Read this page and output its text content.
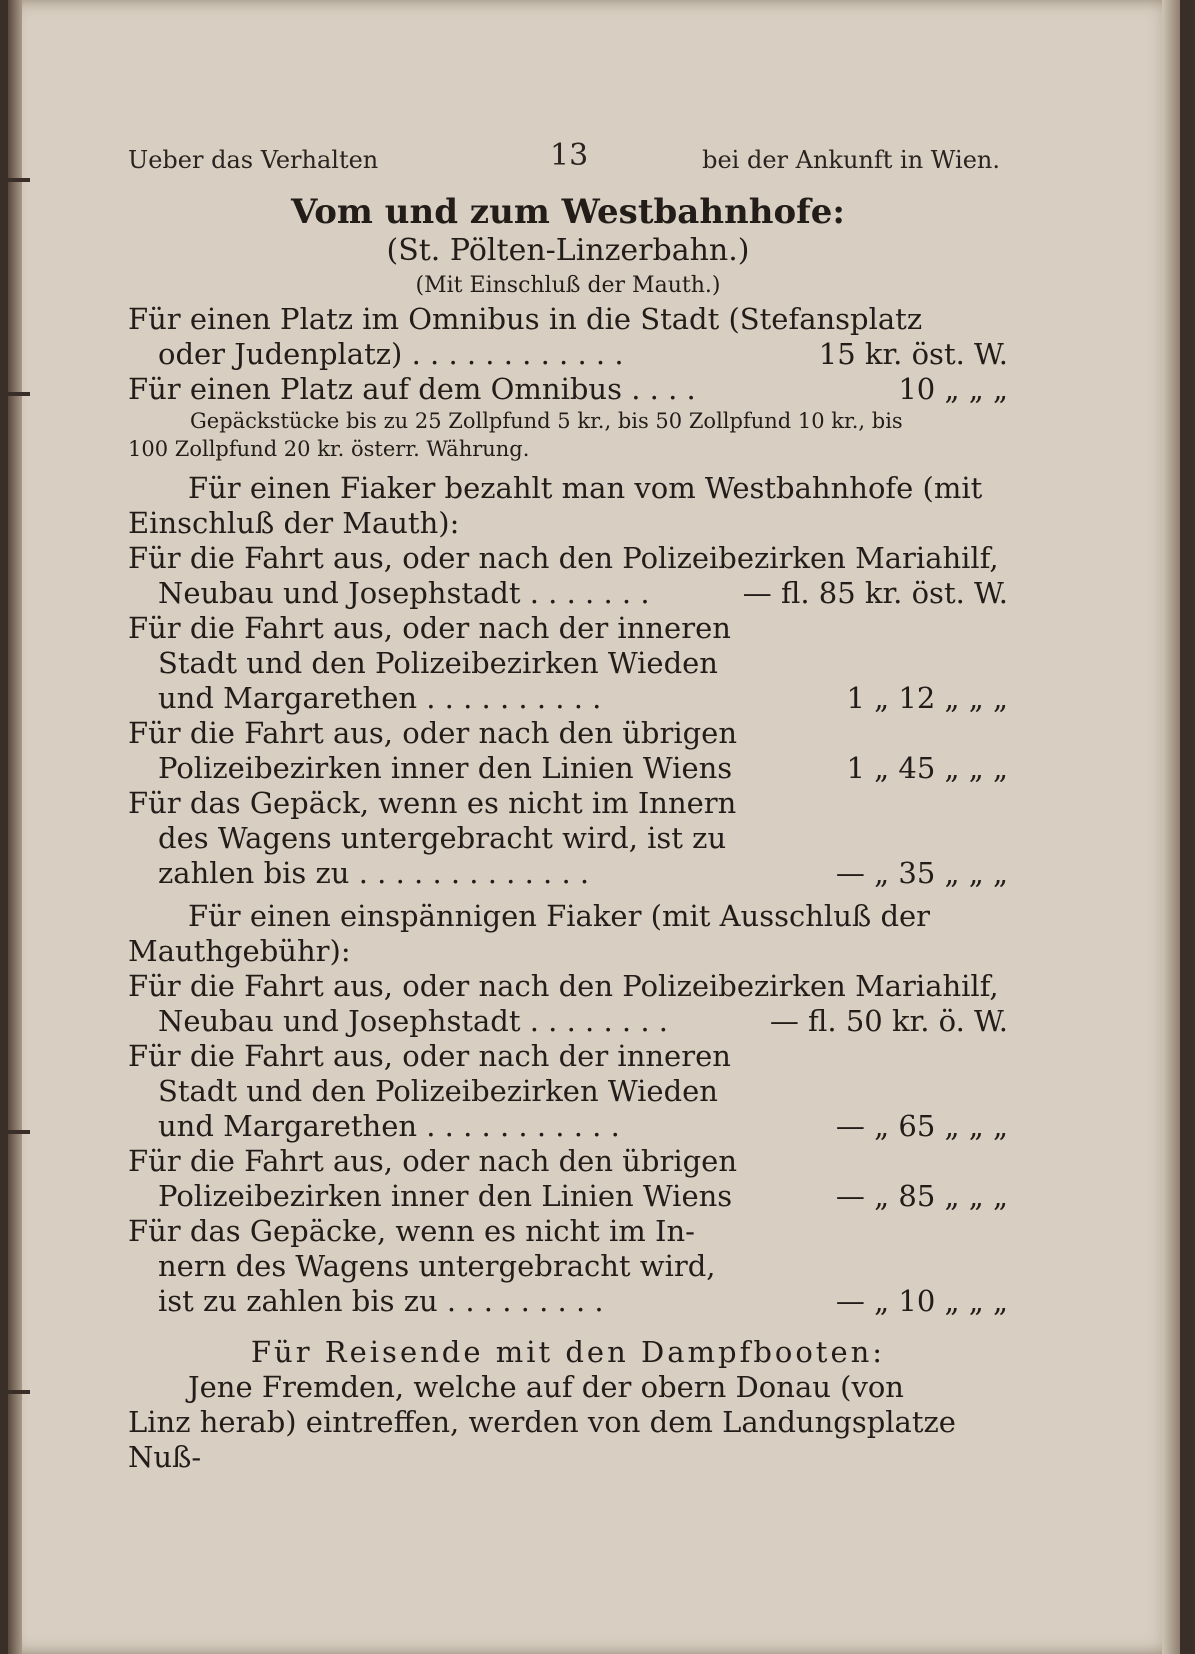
Ueber das Verhalten	13	bei der Ankunft in Wien.
Vom und zum Westbahnhofe:
(St. Pölten-Linzerbahn.)
(Mit Einschluß der Mauth.)
Für einen Platz im Omnibus in die Stadt (Stefansplatz
oder Judenplatz) . . . . . . . . . . . .	15 kr. öst. W.
Für einen Platz auf dem Omnibus . . . .	10 „ „ „
Gepäckstücke bis zu 25 Zollpfund 5 kr., bis 50 Zollpfund 10 kr., bis
100 Zollpfund 20 kr. österr. Währung.
Für einen Fiaker bezahlt man vom Westbahnhofe (mit
Einschluß der Mauth):
Für die Fahrt aus, oder nach den Polizeibezirken Mariahilf,
Neubau und Josephstadt . . . . . . .	— fl. 85 kr. öst. W.
Für die Fahrt aus, oder nach der inneren
Stadt und den Polizeibezirken Wieden
und Margarethen . . . . . . . . . .	1 „ 12 „ „ „
Für die Fahrt aus, oder nach den übrigen
Polizeibezirken inner den Linien Wiens	1 „ 45 „ „ „
Für das Gepäck, wenn es nicht im Innern
des Wagens untergebracht wird, ist zu
zahlen bis zu . . . . . . . . . . . . .	— „ 35 „ „ „
Für einen einspännigen Fiaker (mit Ausschluß der
Mauthgebühr):
Für die Fahrt aus, oder nach den Polizeibezirken Mariahilf,
Neubau und Josephstadt . . . . . . . .	— fl. 50 kr. ö. W.
Für die Fahrt aus, oder nach der inneren
Stadt und den Polizeibezirken Wieden
und Margarethen . . . . . . . . . . .	— „ 65 „ „ „
Für die Fahrt aus, oder nach den übrigen
Polizeibezirken inner den Linien Wiens	— „ 85 „ „ „
Für das Gepäcke, wenn es nicht im In-
nern des Wagens untergebracht wird,
ist zu zahlen bis zu . . . . . . . . .	— „ 10 „ „ „
Für Reisende mit den Dampfbooten:
Jene Fremden, welche auf der obern Donau (von
Linz herab) eintreffen, werden von dem Landungsplatze Nuß-
